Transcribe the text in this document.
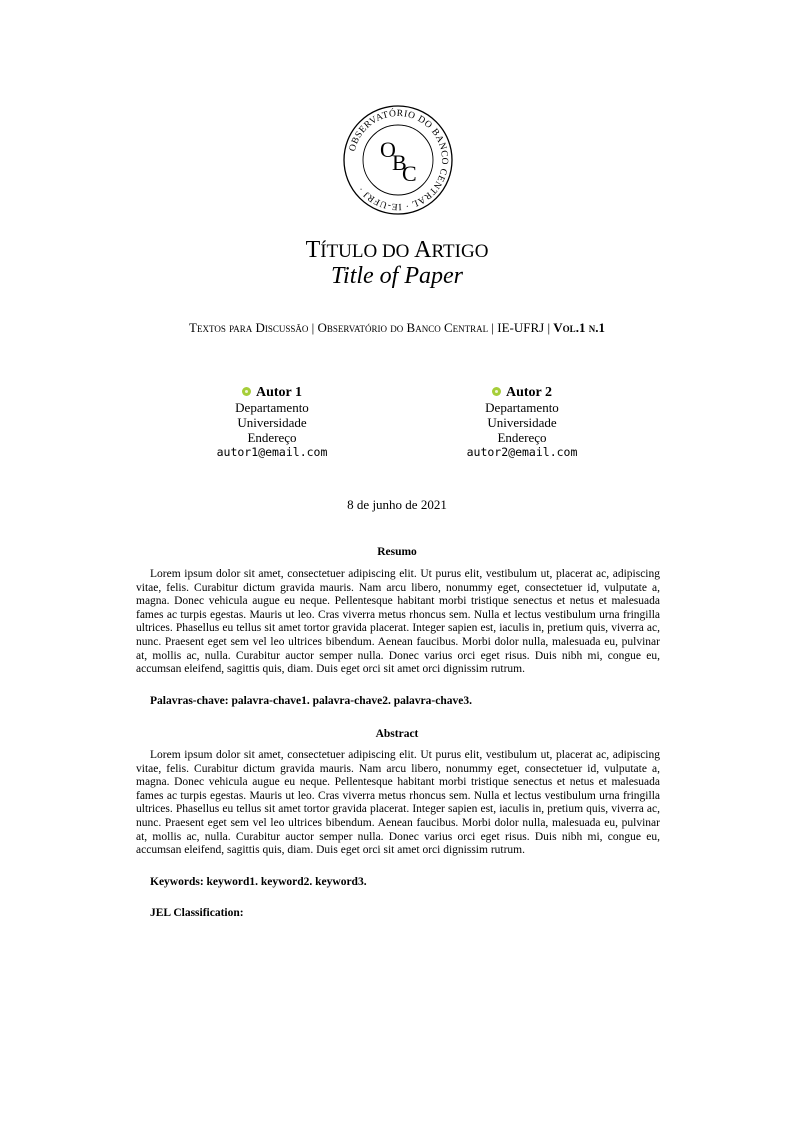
OBSERVATÓRIO DO BANCO CENTRAL · IE-UFRJ ·
O
B
C
TÍTULO DO ARTIGO
Title of Paper
Textos para Discussão | Observatório do Banco Central | IE-UFRJ | Vol.1 n.1
Autor 1
Departamento
Universidade
Endereço
autor1@email.com
Autor 2
Departamento
Universidade
Endereço
autor2@email.com
8 de junho de 2021
Resumo

Lorem ipsum dolor sit amet, consectetuer adipiscing elit. Ut purus elit, vestibulum ut, placerat ac, adipiscing vitae, felis. Curabitur dictum gravida mauris. Nam arcu libero, nonummy eget, consectetuer id, vulputate a, magna. Donec vehicula augue eu neque. Pellentesque habitant morbi tristique senectus et netus et malesuada fames ac turpis egestas. Mauris ut leo. Cras viverra metus rhoncus sem. Nulla et lectus vestibulum urna fringilla ultrices. Phasellus eu tellus sit amet tortor gravida placerat. Integer sapien est, iaculis in, pretium quis, viverra ac, nunc. Praesent eget sem vel leo ultrices bibendum. Aenean faucibus. Morbi dolor nulla, malesuada eu, pulvinar at, mollis ac, nulla. Curabitur auctor semper nulla. Donec varius orci eget risus. Duis nibh mi, congue eu, accumsan eleifend, sagittis quis, diam. Duis eget orci sit amet orci dignissim rutrum.

Palavras-chave: palavra-chave1. palavra-chave2. palavra-chave3.
Abstract

Lorem ipsum dolor sit amet, consectetuer adipiscing elit. Ut purus elit, vestibulum ut, placerat ac, adipiscing vitae, felis. Curabitur dictum gravida mauris. Nam arcu libero, nonummy eget, consectetuer id, vulputate a, magna. Donec vehicula augue eu neque. Pellentesque habitant morbi tristique senectus et netus et malesuada fames ac turpis egestas. Mauris ut leo. Cras viverra metus rhoncus sem. Nulla et lectus vestibulum urna fringilla ultrices. Phasellus eu tellus sit amet tortor gravida placerat. Integer sapien est, iaculis in, pretium quis, viverra ac, nunc. Praesent eget sem vel leo ultrices bibendum. Aenean faucibus. Morbi dolor nulla, malesuada eu, pulvinar at, mollis ac, nulla. Curabitur auctor semper nulla. Donec varius orci eget risus. Duis nibh mi, congue eu, accumsan eleifend, sagittis quis, diam. Duis eget orci sit amet orci dignissim rutrum.

Keywords: keyword1. keyword2. keyword3.
JEL Classification:
